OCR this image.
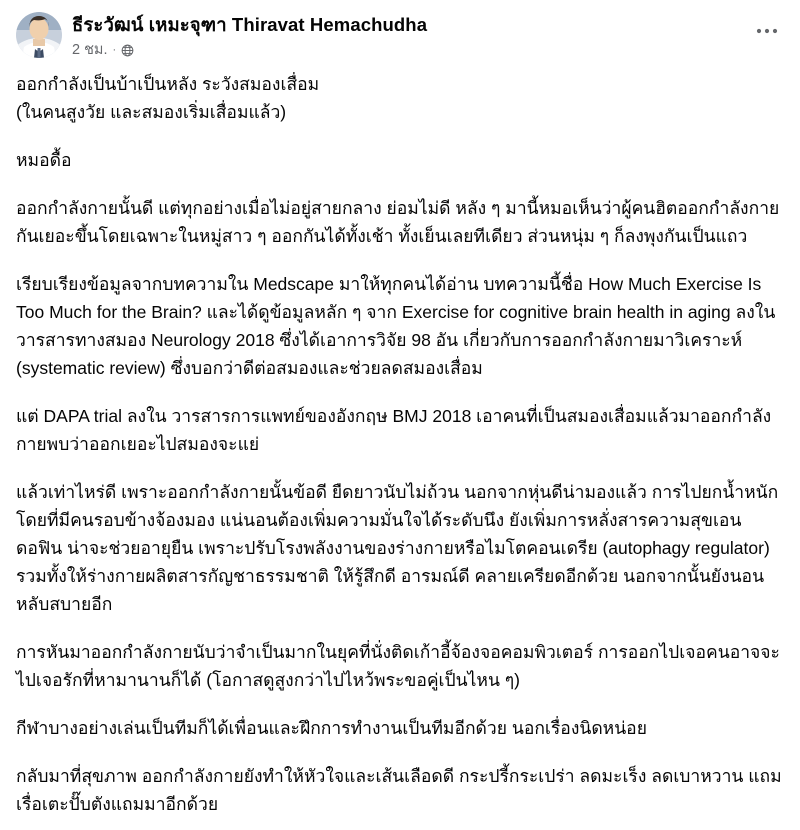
ธีระวัฒน์ เหมะจุฑา Thiravat Hemachudha
2 ชม. ·
ออกกำลังเป็นบ้าเป็นหลัง ระวังสมองเสื่อม
(ในคนสูงวัย และสมองเริ่มเสื่อมแล้ว)
หมอดื้อ
ออกกำลังกายนั้นดี แต่ทุกอย่างเมื่อไม่อยู่สายกลาง ย่อมไม่ดี หลัง ๆ มานี้หมอเห็นว่าผู้คนฮิตออกกำลังกายกันเยอะขึ้นโดยเฉพาะในหมู่สาว ๆ ออกกันได้ทั้งเช้า ทั้งเย็นเลยทีเดียว ส่วนหนุ่ม ๆ ก็ลงพุงกันเป็นแถว
เรียบเรียงข้อมูลจากบทความใน Medscape มาให้ทุกคนได้อ่าน บทความนี้ชื่อ How Much Exercise Is Too Much for the Brain? และได้ดูข้อมูลหลัก ๆ จาก Exercise for cognitive brain health in aging ลงใน วารสารทางสมอง Neurology 2018 ซึ่งได้เอาการวิจัย 98 อัน เกี่ยวกับการออกกำลังกายมาวิเคราะห์ (systematic review) ซึ่งบอกว่าดีต่อสมองและช่วยลดสมองเสื่อม
แต่ DAPA trial ลงใน วารสารการแพทย์ของอังกฤษ BMJ 2018 เอาคนที่เป็นสมองเสื่อมแล้วมาออกกำลังกายพบว่าออกเยอะไปสมองจะแย่
แล้วเท่าไหร่ดี เพราะออกกำลังกายนั้นข้อดี ยืดยาวนับไม่ถ้วน นอกจากหุ่นดีน่ามองแล้ว การไปยกน้ำหนักโดยที่มีคนรอบข้างจ้องมอง แน่นอนต้องเพิ่มความมั่นใจได้ระดับนึง ยังเพิ่มการหลั่งสารความสุขเอนดอฟิน น่าจะช่วยอายุยืน เพราะปรับโรงพลังงานของร่างกายหรือไมโตคอนเดรีย (autophagy regulator) รวมทั้งให้ร่างกายผลิตสารกัญชาธรรมชาติ ให้รู้สึกดี อารมณ์ดี คลายเครียดอีกด้วย นอกจากนั้นยังนอนหลับสบายอีก
การหันมาออกกำลังกายนับว่าจำเป็นมากในยุคที่นั่งติดเก้าอี้จ้องจอคอมพิวเตอร์ การออกไปเจอคนอาจจะไปเจอรักที่หามานานก็ได้ (โอกาสดูสูงกว่าไปไหว้พระขอคู่เป็นไหน ๆ)
กีฬาบางอย่างเล่นเป็นทีมก็ได้เพื่อนและฝึกการทำงานเป็นทีมอีกด้วย นอกเรื่องนิดหน่อย
กลับมาที่สุขภาพ ออกกำลังกายยังทำให้หัวใจและเส้นเลือดดี กระปรี้กระเปร่า ลดมะเร็ง ลดเบาหวาน แถมเรื่อเตะปั๊บตังแถมมาอีกด้วย
